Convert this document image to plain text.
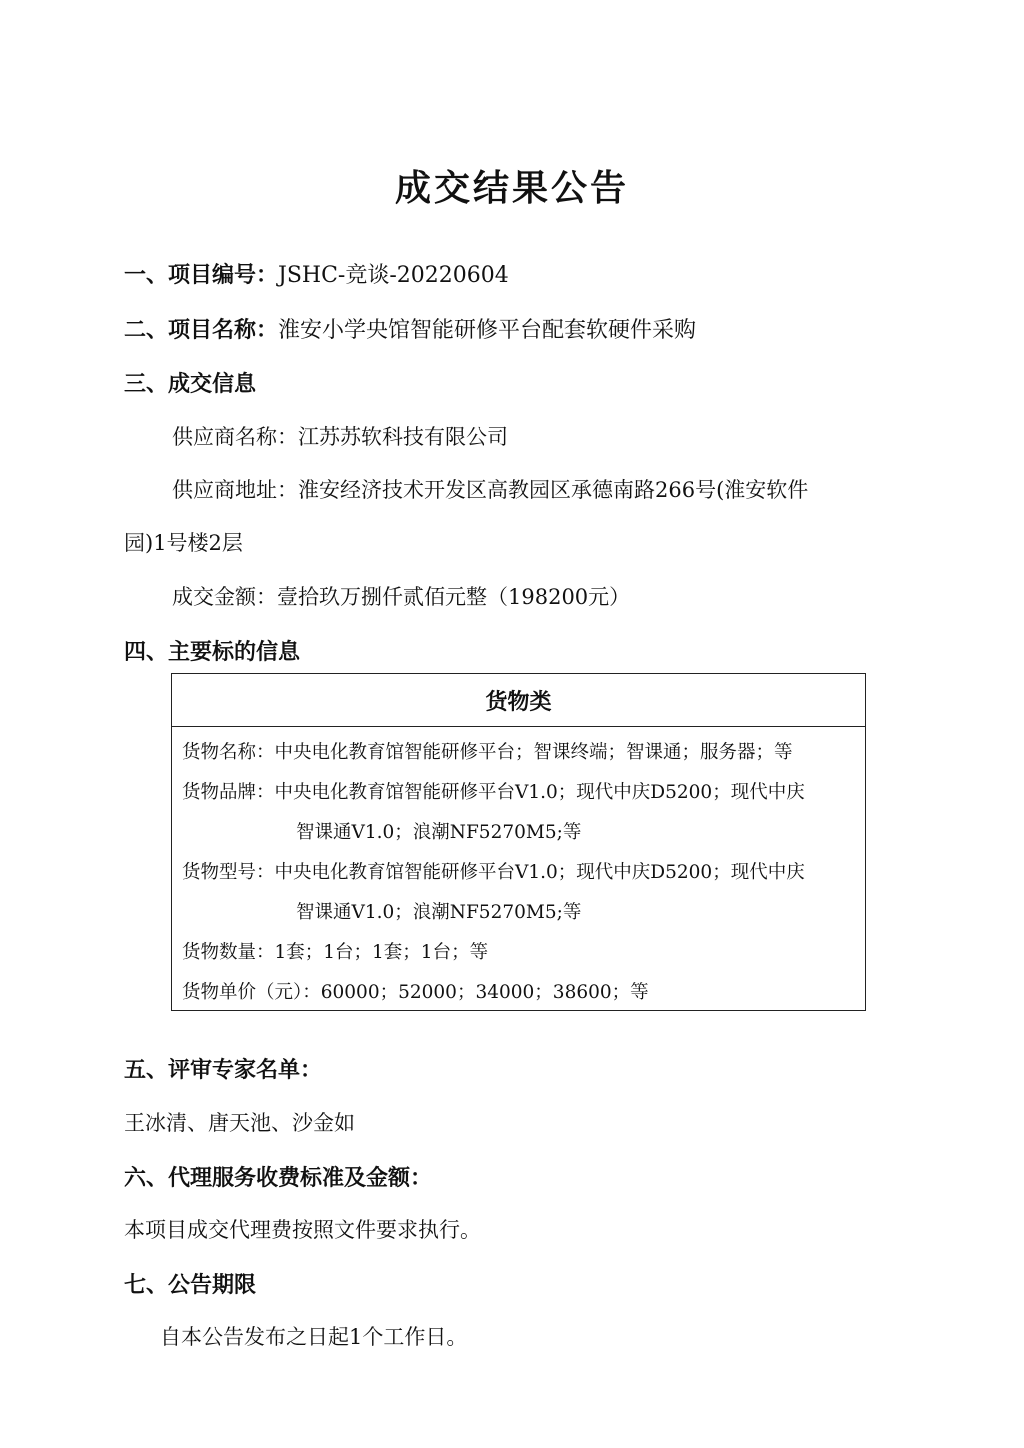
成交结果公告
一、项目编号：JSHC-竞谈-20220604
二、项目名称：淮安小学央馆智能研修平台配套软硬件采购
三、成交信息
供应商名称：江苏苏软科技有限公司
供应商地址：淮安经济技术开发区高教园区承德南路266号(淮安软件
园)1号楼2层
成交金额：壹拾玖万捌仟贰佰元整（198200元）
四、主要标的信息
货物类
货物名称：中央电化教育馆智能研修平台；智课终端；智课通；服务器；等
货物品牌：中央电化教育馆智能研修平台V1.0；现代中庆D5200；现代中庆
智课通V1.0；浪潮NF5270M5;等
货物型号：中央电化教育馆智能研修平台V1.0；现代中庆D5200；现代中庆
智课通V1.0；浪潮NF5270M5;等
货物数量：1套；1台；1套；1台；等
货物单价（元）：60000；52000；34000；38600；等
五、评审专家名单：
王冰清、唐天池、沙金如
六、代理服务收费标准及金额：
本项目成交代理费按照文件要求执行。
七、公告期限
自本公告发布之日起1个工作日。
